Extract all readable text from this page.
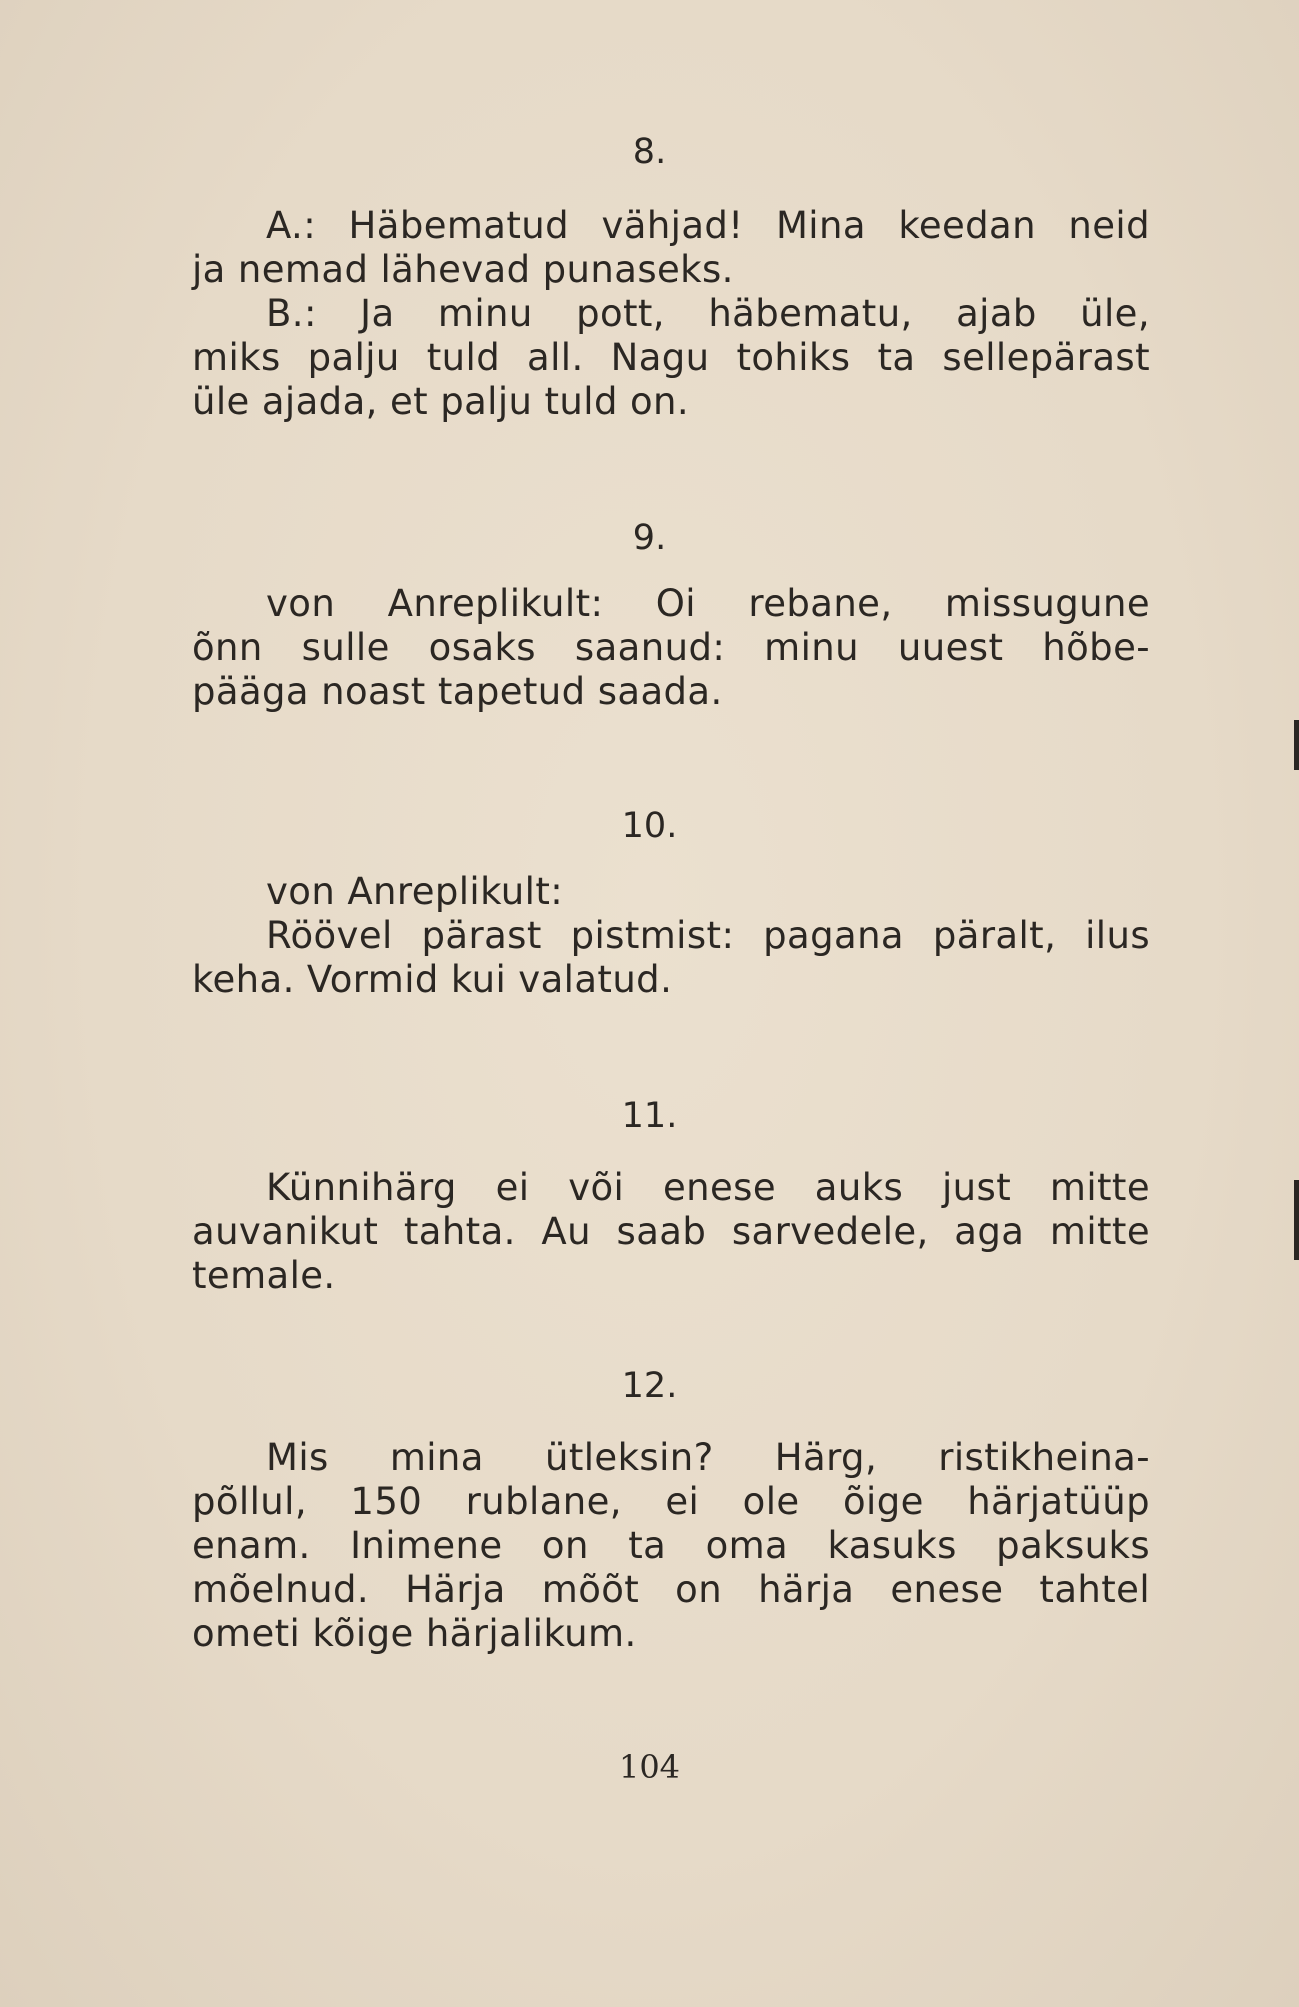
8.
A.: Häbematud vähjad! Mina keedan neid
ja nemad lähevad punaseks.
B.: Ja minu pott, häbematu, ajab üle,
miks palju tuld all. Nagu tohiks ta sellepärast
üle ajada, et palju tuld on.
9.
von Anreplikult: Oi rebane, missugune
õnn sulle osaks saanud: minu uuest hõbe-
pääga noast tapetud saada.
10.
von Anreplikult:
Röövel pärast pistmist: pagana päralt, ilus
keha. Vormid kui valatud.
11.
Künnihärg ei või enese auks just mitte
auvanikut tahta. Au saab sarvedele, aga mitte
temale.
12.
Mis mina ütleksin? Härg, ristikheina-
põllul, 150 rublane, ei ole õige härjatüüp
enam. Inimene on ta oma kasuks paksuks
mõelnud. Härja mõõt on härja enese tahtel
ometi kõige härjalikum.
104
